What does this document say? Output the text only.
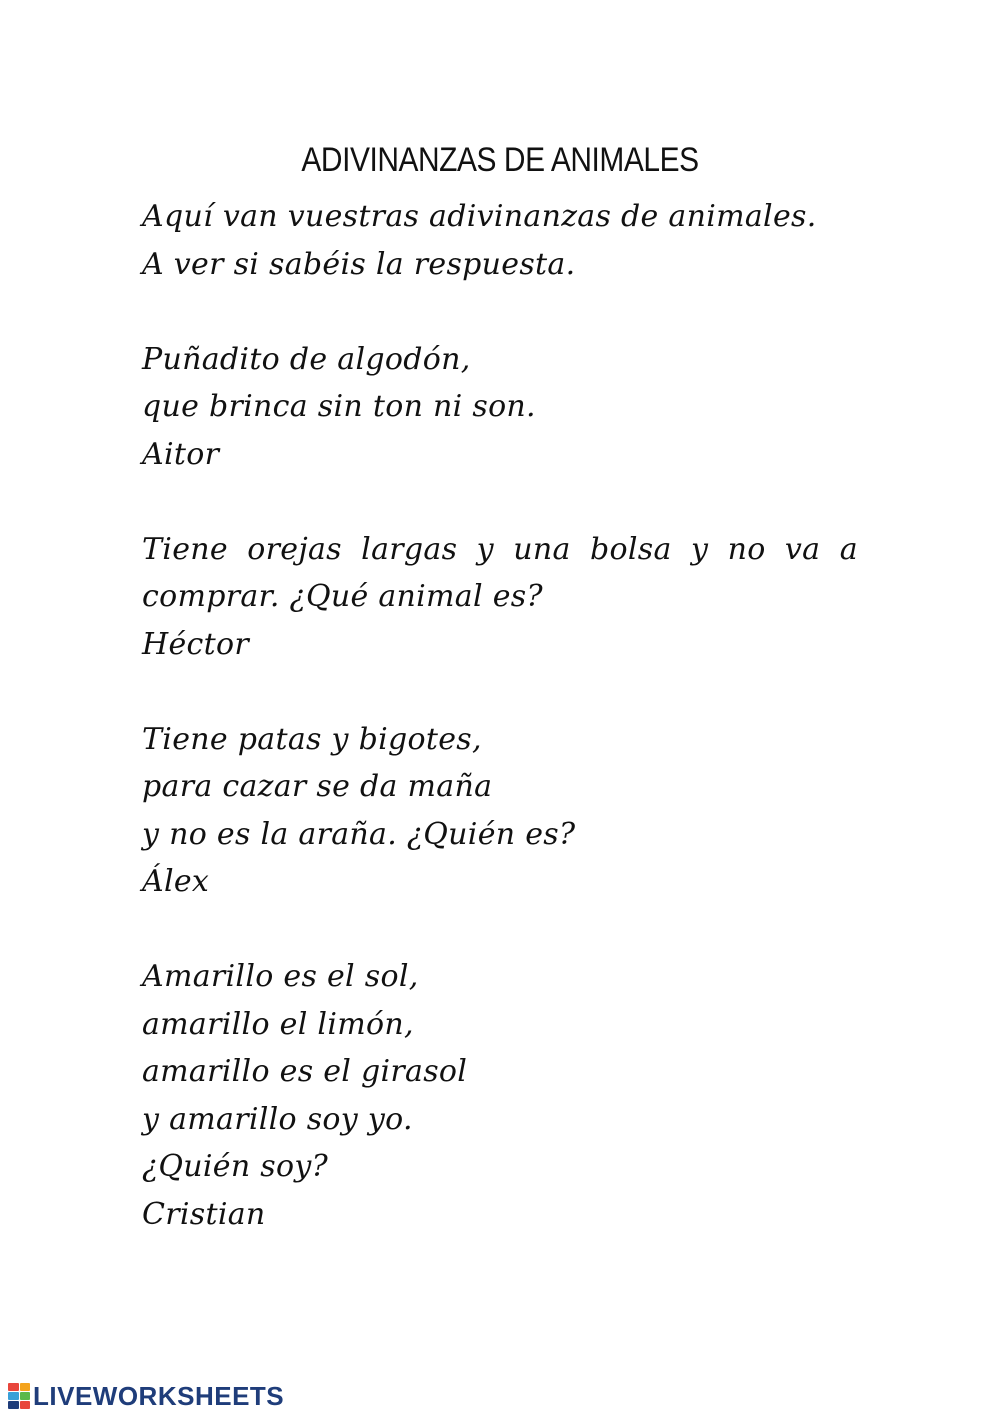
ADIVINANZAS DE ANIMALES
Aquí van vuestras adivinanzas de animales.
A ver si sabéis la respuesta.
Puñadito de algodón,
que brinca sin ton ni son.
Aitor
Tiene orejas largas y una bolsa y no va a
comprar. ¿Qué animal es?
Héctor
Tiene patas y bigotes,
para cazar se da maña
y no es la araña. ¿Quién es?
Álex
Amarillo es el sol,
amarillo el limón,
amarillo es el girasol
y amarillo soy yo.
¿Quién soy?
Cristian
LIVEWORKSHEETS
